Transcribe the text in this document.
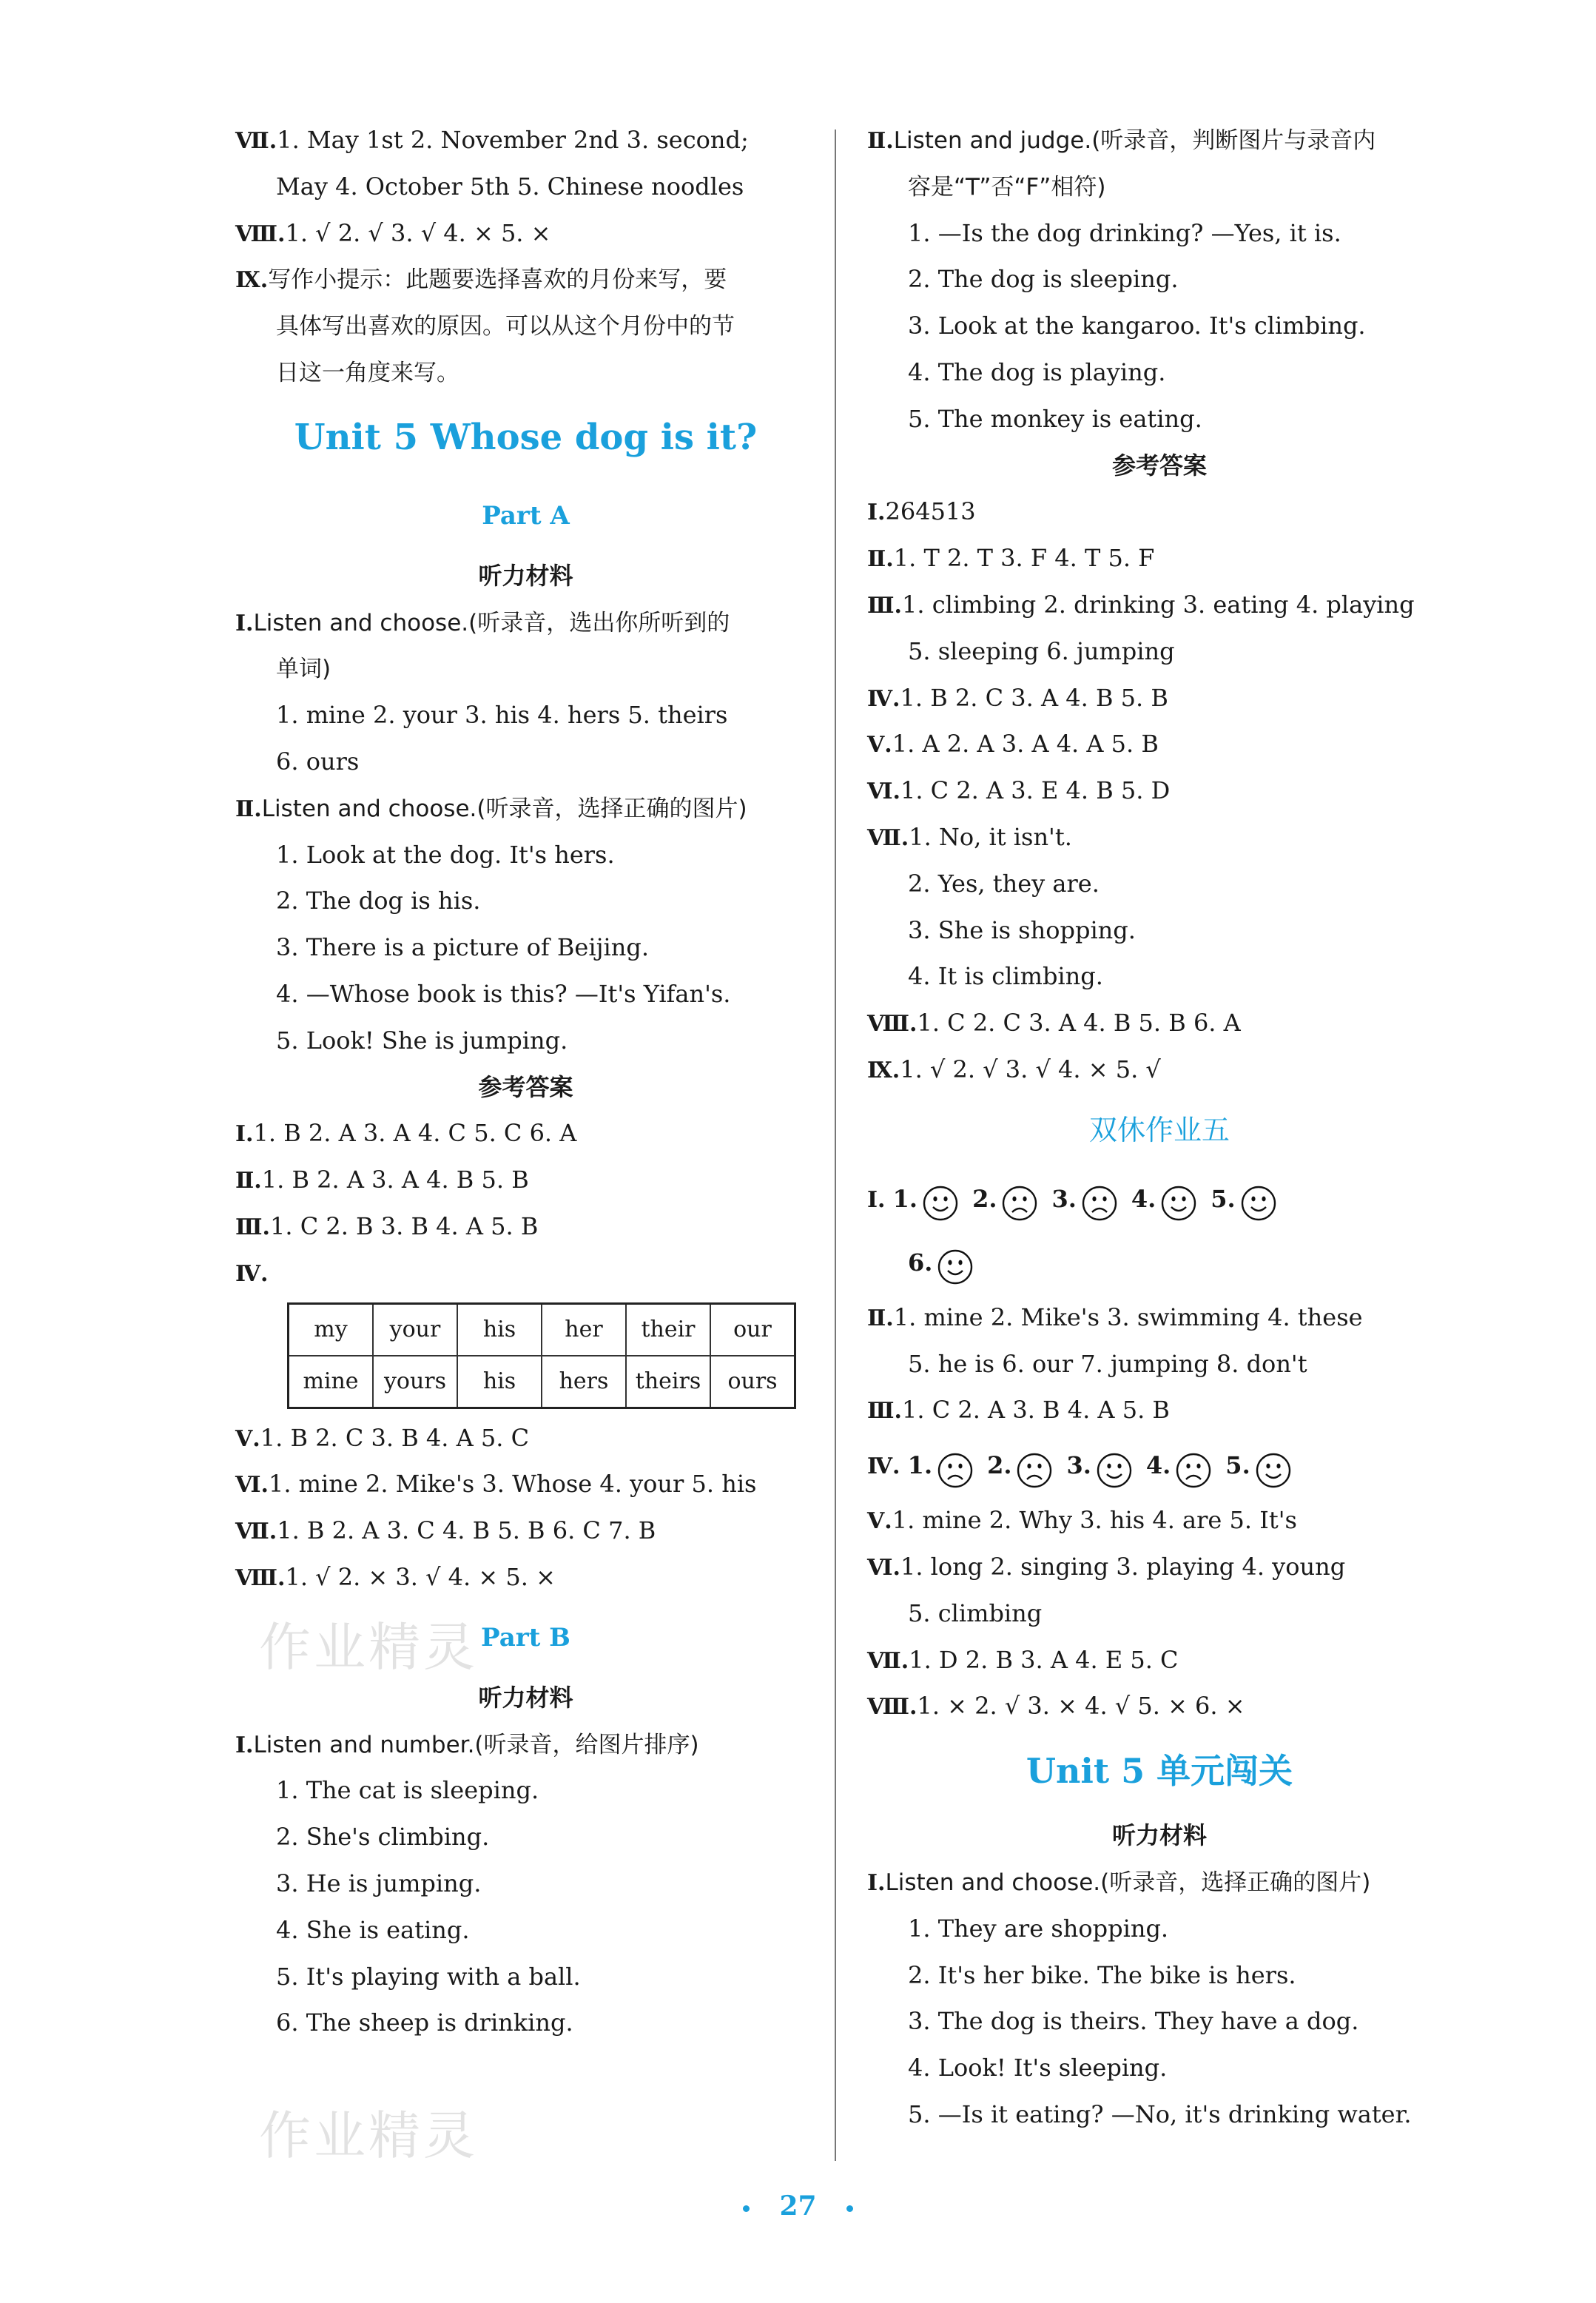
Ⅶ.1. May 1st 2. November 2nd 3. second;
May 4. October 5th 5. Chinese noodles
Ⅷ.1. √ 2. √ 3. √ 4. × 5. ×
Ⅸ.写作小提示：此题要选择喜欢的月份来写，要
具体写出喜欢的原因。可以从这个月份中的节
日这一角度来写。
Unit 5 Whose dog is it?
Part A
听力材料
Ⅰ.Listen and choose.(听录音，选出你所听到的
单词)
1. mine 2. your 3. his 4. hers 5. theirs
6. ours
Ⅱ.Listen and choose.(听录音，选择正确的图片)
1. Look at the dog. It's hers.
2. The dog is his.
3. There is a picture of Beijing.
4. —Whose book is this? —It's Yifan's.
5. Look! She is jumping.
参考答案
Ⅰ.1. B 2. A 3. A 4. C 5. C 6. A
Ⅱ.1. B 2. A 3. A 4. B 5. B
Ⅲ.1. C 2. B 3. B 4. A 5. B
Ⅳ.
my	your	his	her	their	our
mine	yours	his	hers	theirs	ours
Ⅴ.1. B 2. C 3. B 4. A 5. C
Ⅵ.1. mine 2. Mike's 3. Whose 4. your 5. his
Ⅶ.1. B 2. A 3. C 4. B 5. B 6. C 7. B
Ⅷ.1. √ 2. × 3. √ 4. × 5. ×
Part B
听力材料
Ⅰ.Listen and number.(听录音，给图片排序)
1. The cat is sleeping.
2. She's climbing.
3. He is jumping.
4. She is eating.
5. It's playing with a ball.
6. The sheep is drinking.
Ⅱ.Listen and judge.(听录音，判断图片与录音内
容是“T”否“F”相符)
1. —Is the dog drinking? —Yes, it is.
2. The dog is sleeping.
3. Look at the kangaroo. It's climbing.
4. The dog is playing.
5. The monkey is eating.
参考答案
Ⅰ.264513
Ⅱ.1. T 2. T 3. F 4. T 5. F
Ⅲ.1. climbing 2. drinking 3. eating 4. playing
5. sleeping 6. jumping
Ⅳ.1. B 2. C 3. A 4. B 5. B
Ⅴ.1. A 2. A 3. A 4. A 5. B
Ⅵ.1. C 2. A 3. E 4. B 5. D
Ⅶ.1. No, it isn't.
2. Yes, they are.
3. She is shopping.
4. It is climbing.
Ⅷ.1. C 2. C 3. A 4. B 5. B 6. A
Ⅸ.1. √ 2. √ 3. √ 4. × 5. √
双休作业五
Ⅰ. 1. 2. 3. 4. 5.
6.
Ⅱ.1. mine 2. Mike's 3. swimming 4. these
5. he is 6. our 7. jumping 8. don't
Ⅲ.1. C 2. A 3. B 4. A 5. B
Ⅳ. 1. 2. 3. 4. 5.
Ⅴ.1. mine 2. Why 3. his 4. are 5. It's
Ⅵ.1. long 2. singing 3. playing 4. young
5. climbing
Ⅶ.1. D 2. B 3. A 4. E 5. C
Ⅷ.1. × 2. √ 3. × 4. √ 5. × 6. ×
Unit 5 单元闯关
听力材料
Ⅰ.Listen and choose.(听录音，选择正确的图片)
1. They are shopping.
2. It's her bike. The bike is hers.
3. The dog is theirs. They have a dog.
4. Look! It's sleeping.
5. —Is it eating? —No, it's drinking water.
27
作业精灵
作业精灵
